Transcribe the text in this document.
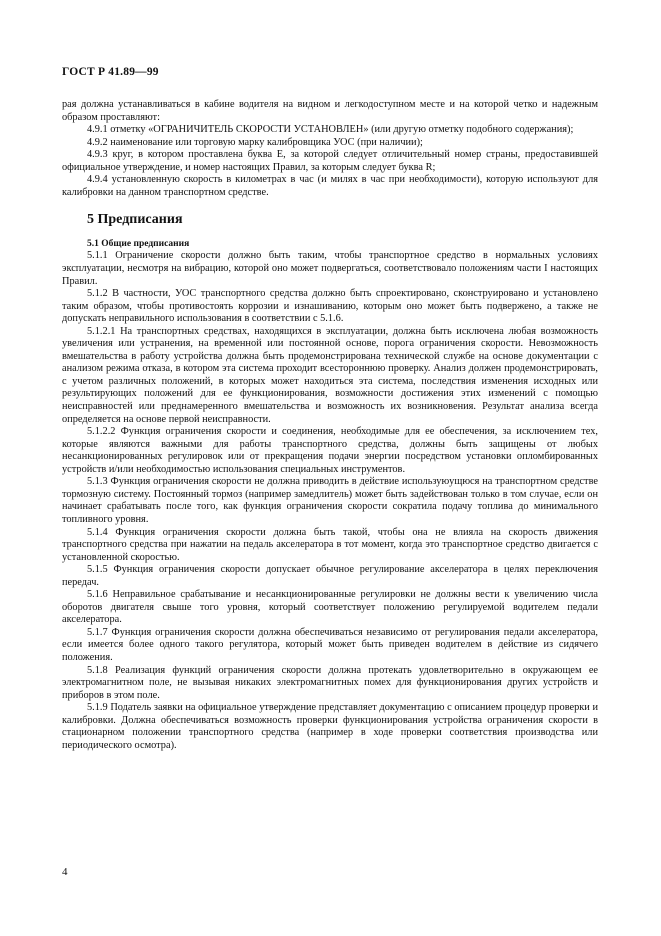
ГОСТ Р 41.89—99

рая должна устанавливаться в кабине водителя на видном и легкодоступном месте и на которой четко и надежным образом проставляют:

4.9.1 отметку «ОГРАНИЧИТЕЛЬ СКОРОСТИ УСТАНОВЛЕН» (или другую отметку подобного содержания);

4.9.2 наименование или торговую марку калибровщика УОС (при наличии);

4.9.3 круг, в котором проставлена буква Е, за которой следует отличительный номер страны, предоставившей официальное утверждение, и номер настоящих Правил, за которым следует буква R;

4.9.4 установленную скорость в километрах в час (и милях в час при необходимости), которую используют для калибровки на данном транспортном средстве.

5 Предписания
5.1 Общие предписания

5.1.1 Ограничение скорости должно быть таким, чтобы транспортное средство в нормальных условиях эксплуатации, несмотря на вибрацию, которой оно может подвергаться, соответствовало положениям части I настоящих Правил.

5.1.2 В частности, УОС транспортного средства должно быть спроектировано, сконструировано и установлено таким образом, чтобы противостоять коррозии и изнашиванию, которым оно может быть подвержено, а также не допускать неправильного использования в соответствии с 5.1.6.

5.1.2.1 На транспортных средствах, находящихся в эксплуатации, должна быть исключена любая возможность увеличения или устранения, на временной или постоянной основе, порога ограничения скорости. Невозможность вмешательства в работу устройства должна быть продемонстрирована технической службе на основе документации с анализом режима отказа, в котором эта система проходит всестороннюю проверку. Анализ должен продемонстрировать, с учетом различных положений, в которых может находиться эта система, последствия изменения исходных или результирующих положений для ее функционирования, возможности достижения этих изменений с помощью неисправностей или преднамеренного вмешательства и возможность их возникновения. Результат анализа всегда определяется на основе первой неисправности.

5.1.2.2 Функция ограничения скорости и соединения, необходимые для ее обеспечения, за исключением тех, которые являются важными для работы транспортного средства, должны быть защищены от любых несанкционированных регулировок или от прекращения подачи энергии посредством установки опломбированных устройств и/или необходимостью использования специальных инструментов.

5.1.3 Функция ограничения скорости не должна приводить в действие используюущюся на транспортном средстве тормозную систему. Постоянный тормоз (например замедлитель) может быть задействован только в том случае, если он начинает срабатывать после того, как функция ограничения скорости сократила подачу топлива до минимального топливного уровня.

5.1.4 Функция ограничения скорости должна быть такой, чтобы она не влияла на скорость движения транспортного средства при нажатии на педаль акселератора в тот момент, когда это транспортное средство двигается с установленной скоростью.

5.1.5 Функция ограничения скорости допускает обычное регулирование акселератора в целях переключения передач.

5.1.6 Неправильное срабатывание и несанкционированные регулировки не должны вести к увеличению числа оборотов двигателя свыше того уровня, который соответствует положению регулируемой водителем педали акселератора.

5.1.7 Функция ограничения скорости должна обеспечиваться независимо от регулирования педали акселератора, если имеется более одного такого регулятора, который может быть приведен водителем в действие из сидячего положения.

5.1.8 Реализация функций ограничения скорости должна протекать удовлетворительно в окружающем ее электромагнитном поле, не вызывая никаких электромагнитных помех для функционирования других устройств и приборов в этом поле.

5.1.9 Податель заявки на официальное утверждение представляет документацию с описанием процедур проверки и калибровки. Должна обеспечиваться возможность проверки функционирования устройства ограничения скорости в стационарном положении транспортного средства (например в ходе проверки соответствия производства или периодического осмотра).

4
